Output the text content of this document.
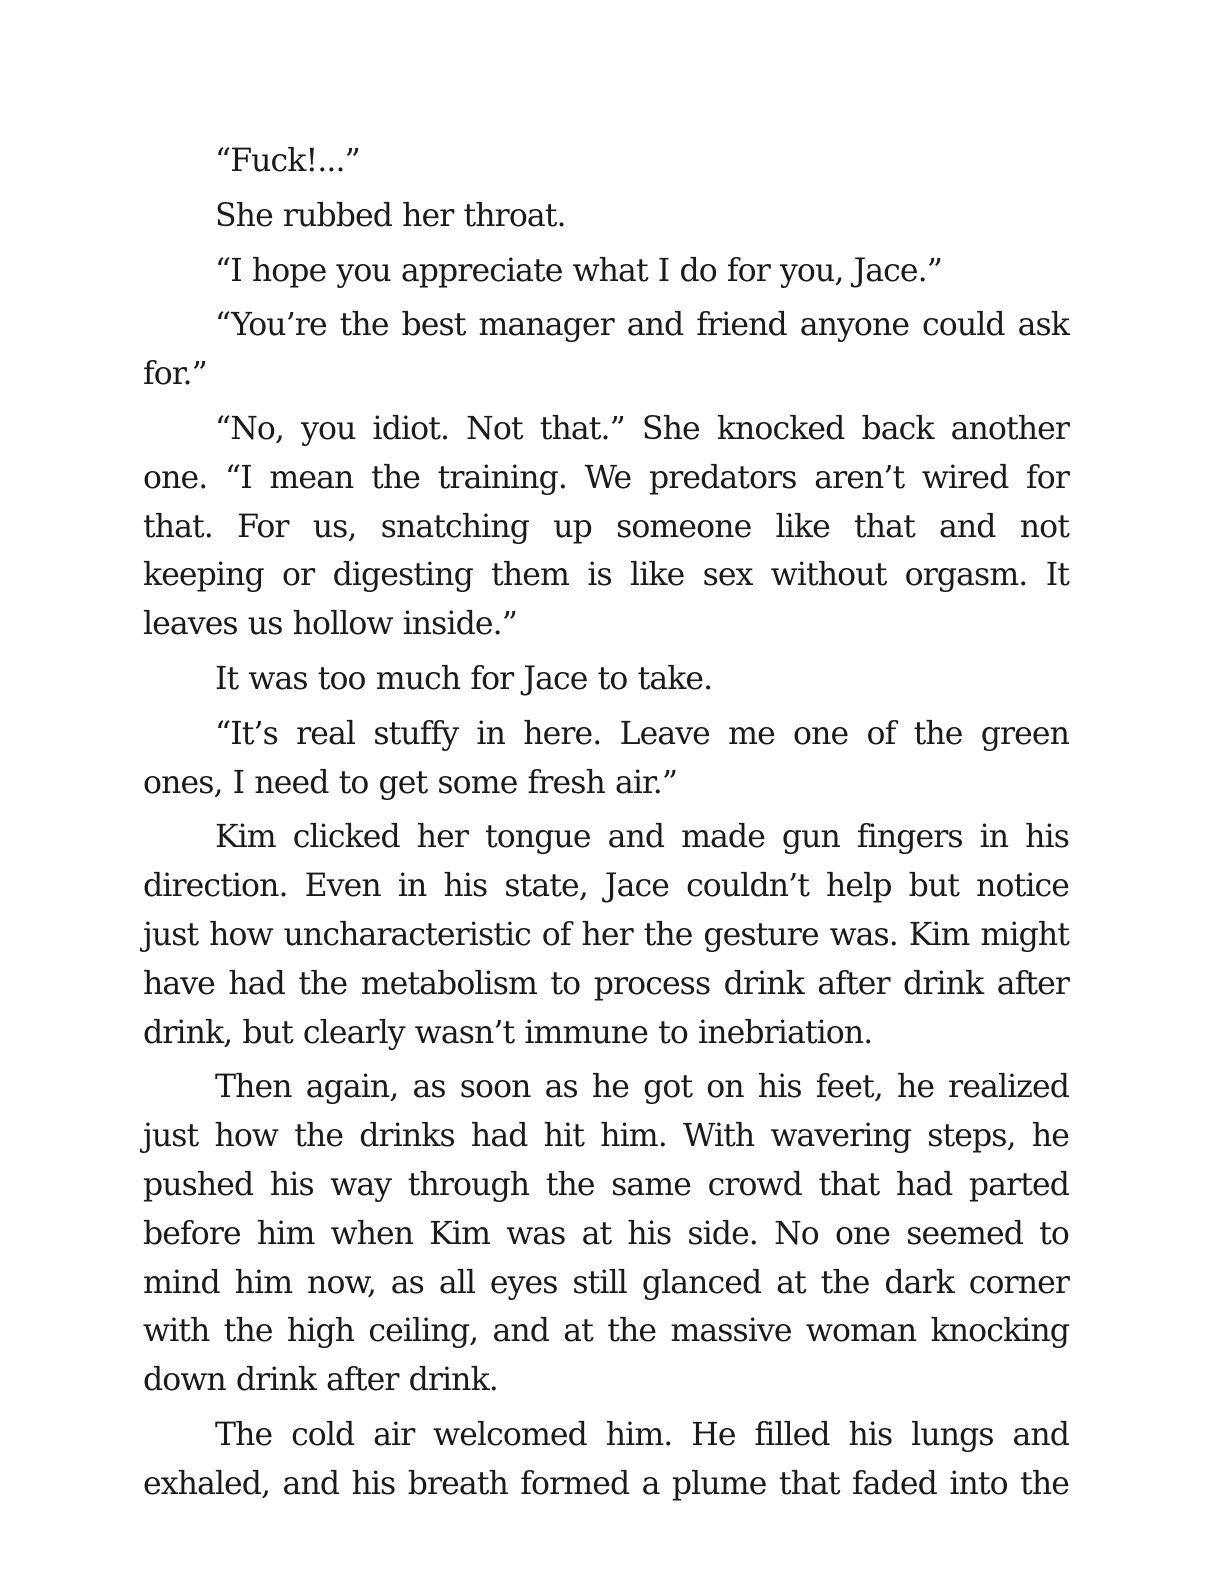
“Fuck!...”

She rubbed her throat.

“I hope you appreciate what I do for you, Jace.”

“You’re the best manager and friend anyone could ask for.”

“No, you idiot. Not that.” She knocked back another one. “I mean the training. We predators aren’t wired for that. For us, snatching up someone like that and not keeping or digesting them is like sex without orgasm. It leaves us hollow inside.”

It was too much for Jace to take.

“It’s real stuffy in here. Leave me one of the green ones, I need to get some fresh air.”

Kim clicked her tongue and made gun fingers in his direction. Even in his state, Jace couldn’t help but notice just how uncharacteristic of her the gesture was. Kim might have had the metabolism to process drink after drink after drink, but clearly wasn’t immune to inebriation.

Then again, as soon as he got on his feet, he realized just how the drinks had hit him. With wavering steps, he pushed his way through the same crowd that had parted before him when Kim was at his side. No one seemed to mind him now, as all eyes still glanced at the dark corner with the high ceiling, and at the massive woman knocking down drink after drink.

The cold air welcomed him. He filled his lungs and exhaled, and his breath formed a plume that faded into the
